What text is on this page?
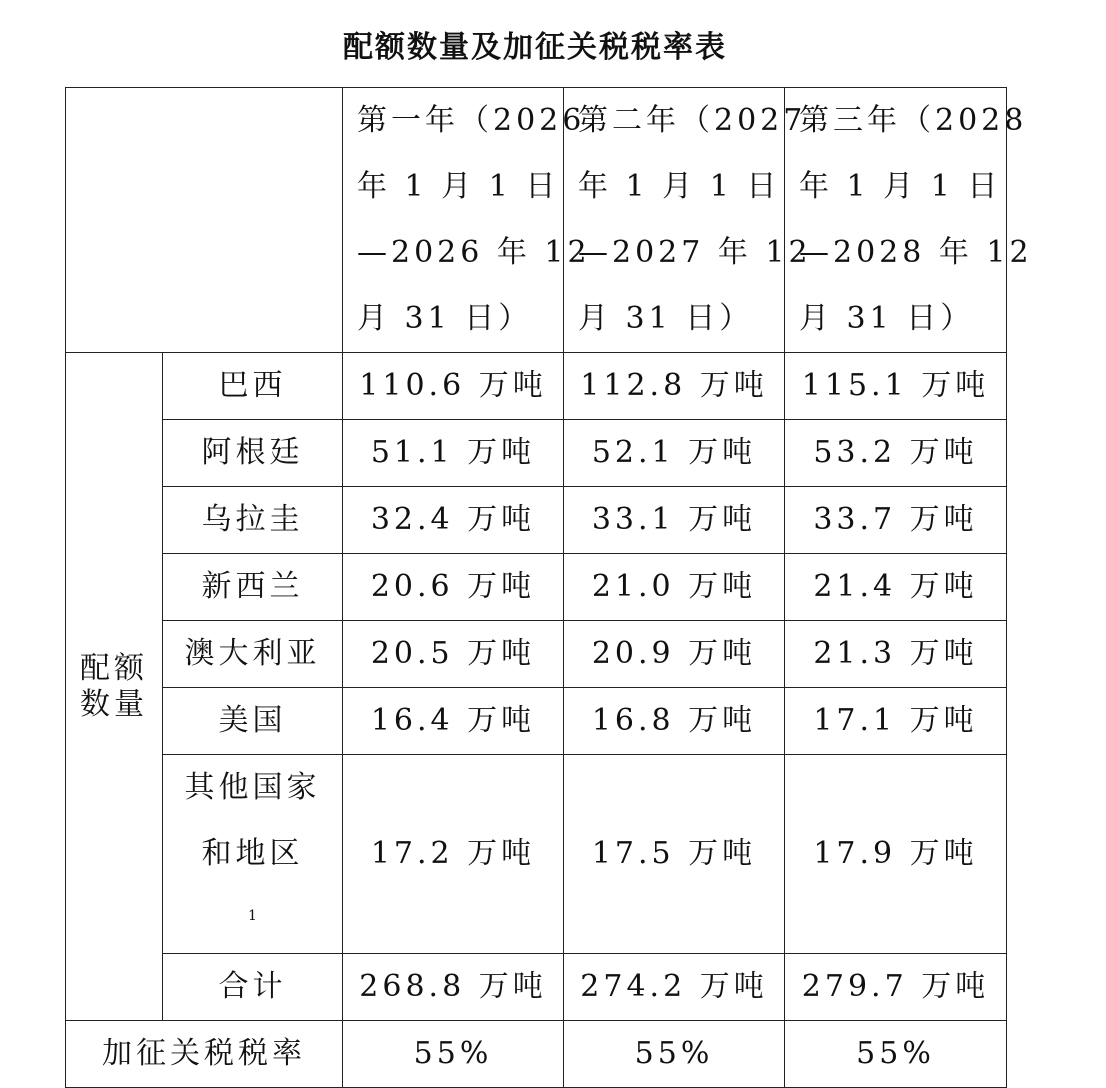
配额数量及加征关税税率表

		第一年（2026
年 1 月 1 日
—2026 年 12
月 31 日）	第二年（2027
年 1 月 1 日
—2027 年 12
月 31 日）	第三年（2028
年 1 月 1 日
—2028 年 12
月 31 日）

配额
数量	巴西	110.6 万吨	112.8 万吨	115.1 万吨
	阿根廷	51.1 万吨	52.1 万吨	53.2 万吨
	乌拉圭	32.4 万吨	33.1 万吨	33.7 万吨
	新西兰	20.6 万吨	21.0 万吨	21.4 万吨
	澳大利亚	20.5 万吨	20.9 万吨	21.3 万吨
	美国	16.4 万吨	16.8 万吨	17.1 万吨

	其他国家
和地区
$^1$	17.2 万吨	17.5 万吨	17.9 万吨
	合计	268.8 万吨	274.2 万吨	279.7 万吨
加征关税税率		55%	55%	55%
